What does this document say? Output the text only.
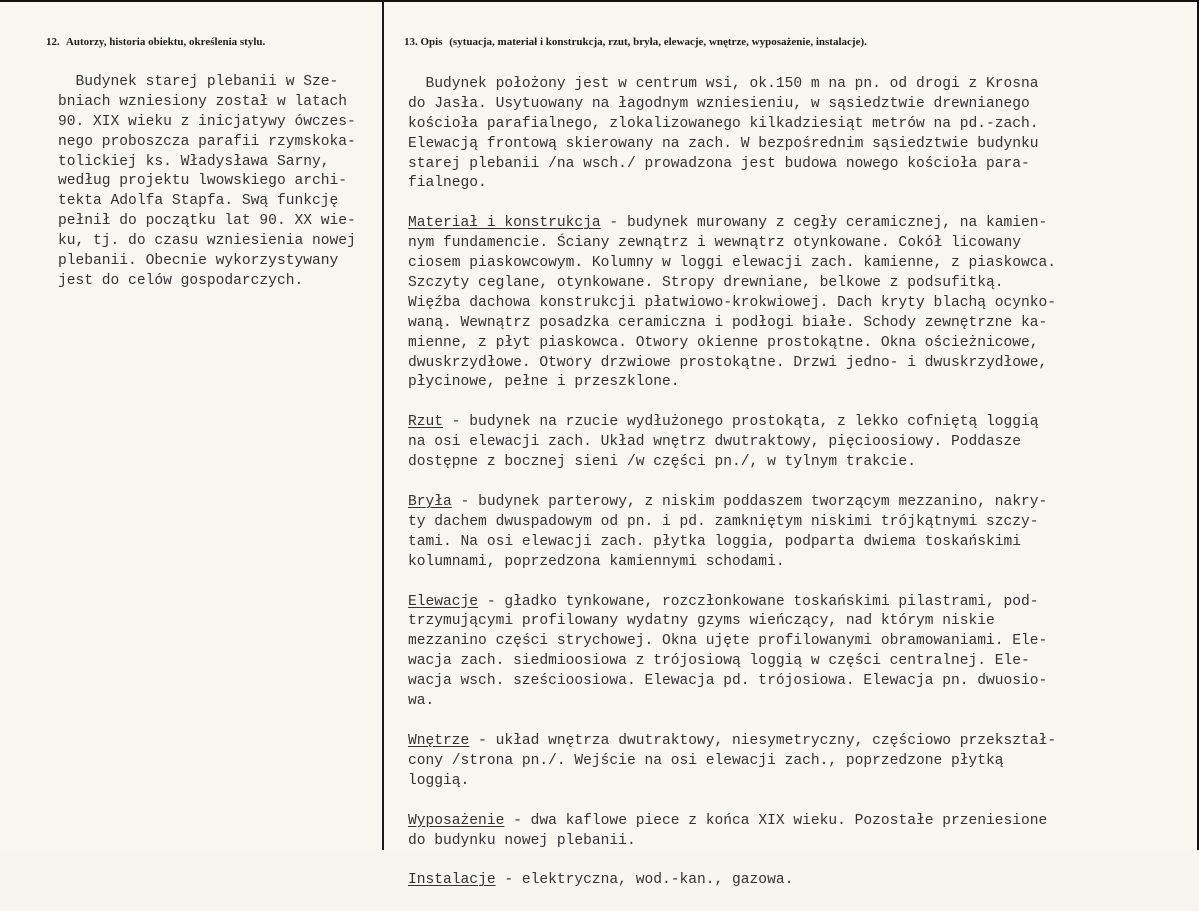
12. Autorzy, historia obiektu, określenia stylu.	13. Opis (sytuacja, materiał i konstrukcja, rzut, bryła, elewacje, wnętrze, wyposażenie, instalacje).
Budynek starej plebanii w Sze-
bniach wzniesiony został w latach
90. XIX wieku z inicjatywy ówczes-
nego proboszcza parafii rzymskoka-
tolickiej ks. Władysława Sarny,
według projektu lwowskiego archi-
tekta Adolfa Stapfa. Swą funkcję
pełnił do początku lat 90. XX wie-
ku, tj. do czasu wzniesienia nowej
plebanii. Obecnie wykorzystywany
jest do celów gospodarczych.
Budynek położony jest w centrum wsi, ok.150 m na pn. od drogi z Krosna
do Jasła. Usytuowany na łagodnym wzniesieniu, w sąsiedztwie drewnianego
kościoła parafialnego, zlokalizowanego kilkadziesiąt metrów na pd.-zach.
Elewacją frontową skierowany na zach. W bezpośrednim sąsiedztwie budynku
starej plebanii /na wsch./ prowadzona jest budowa nowego kościoła para-
fialnego.
Materiał i konstrukcja - budynek murowany z cegły ceramicznej, na kamien-
nym fundamencie. Ściany zewnątrz i wewnątrz otynkowane. Cokół licowany
ciosem piaskowcowym. Kolumny w loggi elewacji zach. kamienne, z piaskowca.
Szczyty ceglane, otynkowane. Stropy drewniane, belkowe z podsufitką.
Więźba dachowa konstrukcji płatwiowo-krokwiowej. Dach kryty blachą ocynko-
waną. Wewnątrz posadzka ceramiczna i podłogi białe. Schody zewnętrzne ka-
mienne, z płyt piaskowca. Otwory okienne prostokątne. Okna ościeżnicowe,
dwuskrzydłowe. Otwory drzwiowe prostokątne. Drzwi jedno- i dwuskrzydłowe,
płycinowe, pełne i przeszklone.
Rzut - budynek na rzucie wydłużonego prostokąta, z lekko cofniętą loggią
na osi elewacji zach. Układ wnętrz dwutraktowy, pięcioosiowy. Poddasze
dostępne z bocznej sieni /w części pn./, w tylnym trakcie.
Bryła - budynek parterowy, z niskim poddaszem tworzącym mezzanino, nakry-
ty dachem dwuspadowym od pn. i pd. zamkniętym niskimi trójkątnymi szczy-
tami. Na osi elewacji zach. płytka loggia, podparta dwiema toskańskimi
kolumnami, poprzedzona kamiennymi schodami.
Elewacje - gładko tynkowane, rozczłonkowane toskańskimi pilastrami, pod-
trzymującymi profilowany wydatny gzyms wieńczący, nad którym niskie
mezzanino części strychowej. Okna ujęte profilowanymi obramowaniami. Ele-
wacja zach. siedmioosiowa z trójosiową loggią w części centralnej. Ele-
wacja wsch. sześcioosiowa. Elewacja pd. trójosiowa. Elewacja pn. dwuosio-
wa.
Wnętrze - układ wnętrza dwutraktowy, niesymetryczny, częściowo przekształ-
cony /strona pn./. Wejście na osi elewacji zach., poprzedzone płytką
loggią.
Wyposażenie - dwa kaflowe piece z końca XIX wieku. Pozostałe przeniesione
do budynku nowej plebanii.
Instalacje - elektryczna, wod.-kan., gazowa.
